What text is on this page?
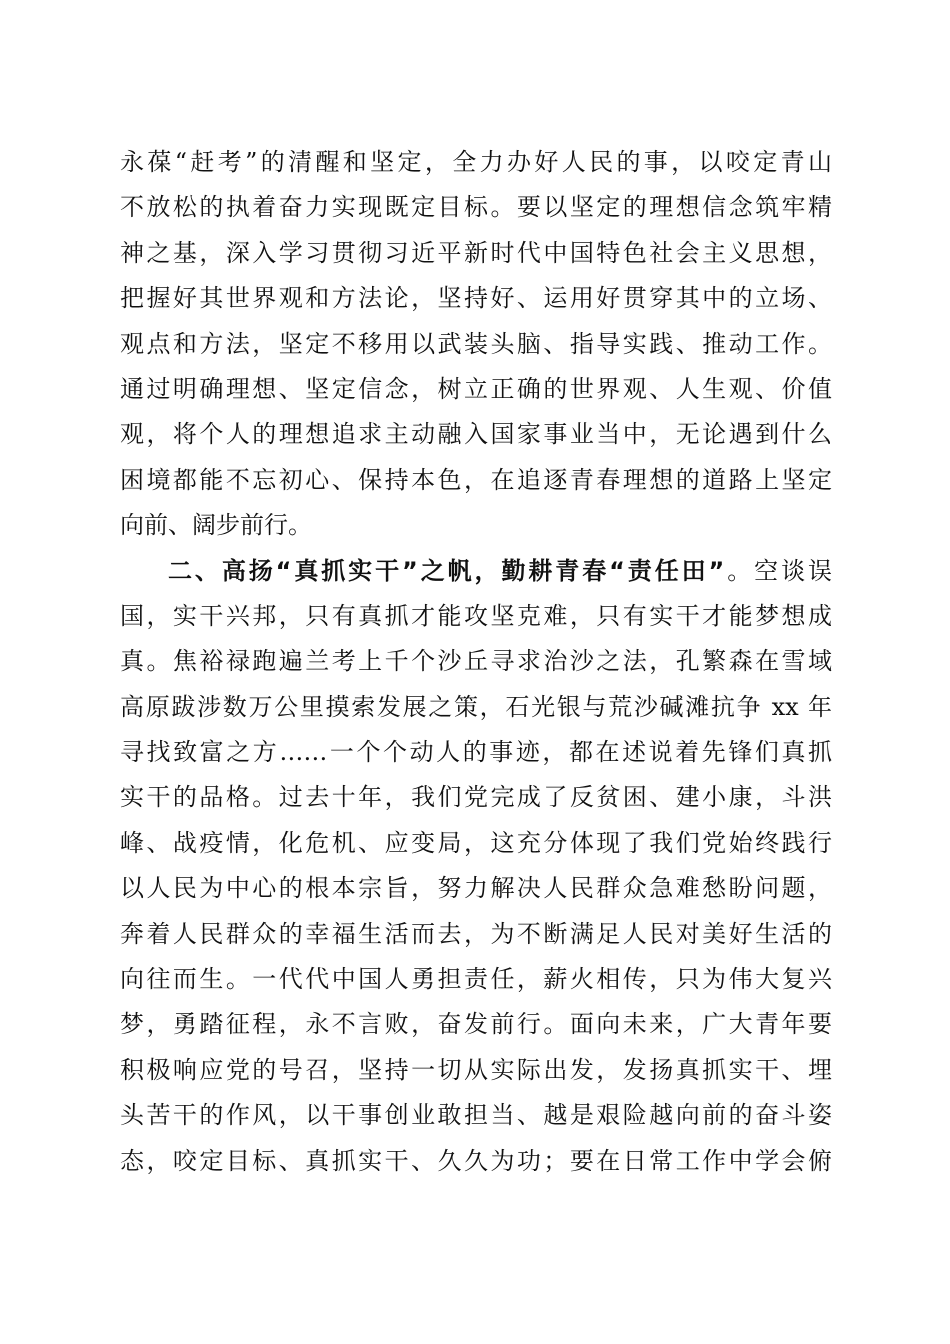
永葆“赶考”的清醒和坚定，全力办好人民的事，以咬定青山
不放松的执着奋力实现既定目标。要以坚定的理想信念筑牢精
神之基，深入学习贯彻习近平新时代中国特色社会主义思想，
把握好其世界观和方法论，坚持好、运用好贯穿其中的立场、
观点和方法，坚定不移用以武装头脑、指导实践、推动工作。
通过明确理想、坚定信念，树立正确的世界观、人生观、价值
观，将个人的理想追求主动融入国家事业当中，无论遇到什么
困境都能不忘初心、保持本色，在追逐青春理想的道路上坚定
向前、阔步前行。
二、高扬“真抓实干”之帆，勤耕青春“责任田”。空谈误
国，实干兴邦，只有真抓才能攻坚克难，只有实干才能梦想成
真。焦裕禄跑遍兰考上千个沙丘寻求治沙之法，孔繁森在雪域
高原跋涉数万公里摸索发展之策，石光银与荒沙碱滩抗争 xx 年
寻找致富之方……一个个动人的事迹，都在述说着先锋们真抓
实干的品格。过去十年，我们党完成了反贫困、建小康，斗洪
峰、战疫情，化危机、应变局，这充分体现了我们党始终践行
以人民为中心的根本宗旨，努力解决人民群众急难愁盼问题，
奔着人民群众的幸福生活而去，为不断满足人民对美好生活的
向往而生。一代代中国人勇担责任，薪火相传，只为伟大复兴
梦，勇踏征程，永不言败，奋发前行。面向未来，广大青年要
积极响应党的号召，坚持一切从实际出发，发扬真抓实干、埋
头苦干的作风，以干事创业敢担当、越是艰险越向前的奋斗姿
态，咬定目标、真抓实干、久久为功；要在日常工作中学会俯
